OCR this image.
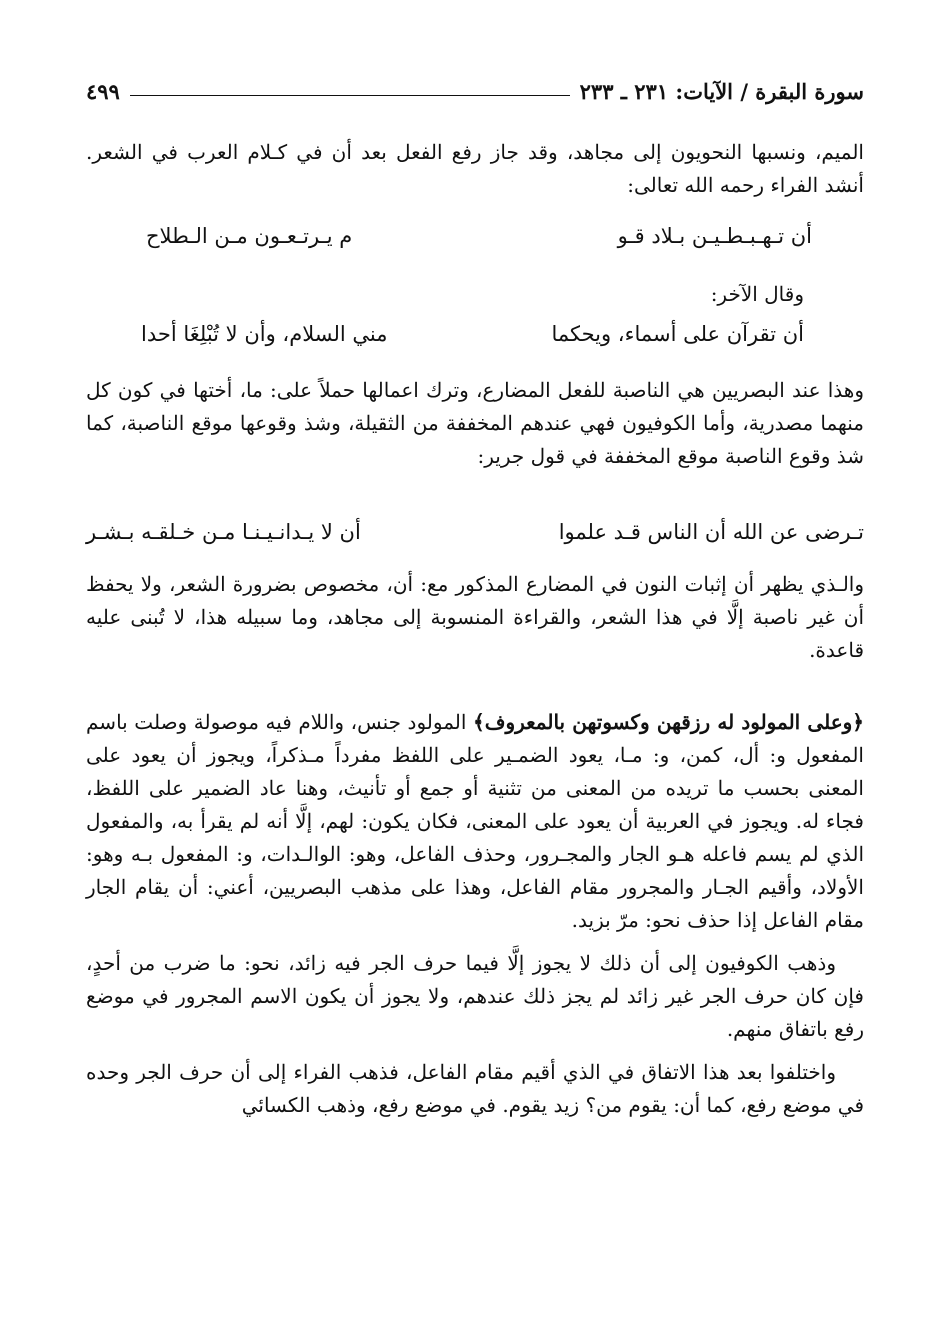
سورة البقرة / الآيات: ٢٣١ ـ ٢٣٣
٤٩٩

الميم، ونسبها النحويون إلى مجاهد، وقد جاز رفع الفعل بعد أن في كـلام العرب في الشعر. أنشد الفراء رحمه الله تعالى:

أن تـهـبـطـيـن بـلاد قـو
م يـرتـعـون مـن الـطلاح

وقال الآخر:

أن تقرآن على أسماء، ويحكما
مني السلام، وأن لا تُبْلِغَا أحدا

وهذا عند البصريين هي الناصبة للفعل المضارع، وترك اعمالها حملاً على: ما، أختها في كون كل منهما مصدرية، وأما الكوفيون فهي عندهم المخففة من الثقيلة، وشذ وقوعها موقع الناصبة، كما شذ وقوع الناصبة موقع المخففة في قول جرير:

تـرضى عن الله أن الناس قـد علموا
أن لا يـدانـيـنـا مـن خـلقـه بـشـر

والـذي يظهر أن إثبات النون في المضارع المذكور مع: أن، مخصوص بضرورة الشعر، ولا يحفظ أن غير ناصبة إلَّا في هذا الشعر، والقراءة المنسوبة إلى مجاهد، وما سبيله هذا، لا تُبنى عليه قاعدة.

﴿وعلى المولود له رزقهن وكسوتهن بالمعروف﴾ المولود جنس، واللام فيه موصولة وصلت باسم المفعول و: أل، كمن، و: مـا، يعود الضمـير على اللفظ مفرداً مـذكراً، ويجوز أن يعود على المعنى بحسب ما تريده من المعنى من تثنية أو جمع أو تأنيث، وهنا عاد الضمير على اللفظ، فجاء له. ويجوز في العربية أن يعود على المعنى، فكان يكون: لهم، إلَّا أنه لم يقرأ به، والمفعول الذي لم يسم فاعله هـو الجار والمجـرور، وحذف الفاعل، وهو: الوالـدات، و: المفعول بـه وهو: الأولاد، وأقيم الجـار والمجرور مقام الفاعل، وهذا على مذهب البصريين، أعني: أن يقام الجار مقام الفاعل إذا حذف نحو: مرّ بزيد.

وذهب الكوفيون إلى أن ذلك لا يجوز إلَّا فيما حرف الجر فيه زائد، نحو: ما ضرب من أحدٍ، فإن كان حرف الجر غير زائد لم يجز ذلك عندهم، ولا يجوز أن يكون الاسم المجرور في موضع رفع باتفاق منهم.

واختلفوا بعد هذا الاتفاق في الذي أقيم مقام الفاعل، فذهب الفراء إلى أن حرف الجر وحده في موضع رفع، كما أن: يقوم من؟ زيد يقوم. في موضع رفع، وذهب الكسائي
